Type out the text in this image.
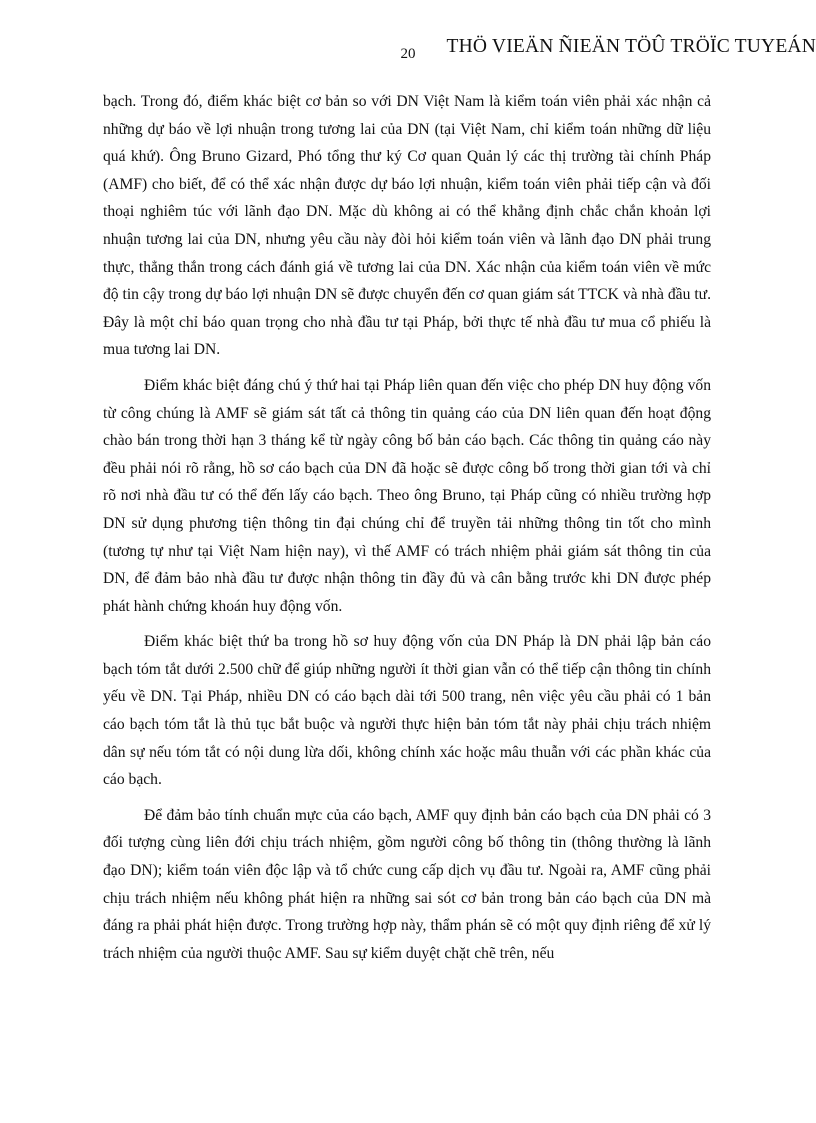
20	THÖ VIEÄN ÑIEÄN TÖÛ TRÖÏC TUYEÁN

bạch. Trong đó, điểm khác biệt cơ bản so với DN Việt Nam là kiểm toán viên phải xác nhận cả những dự báo về lợi nhuận trong tương lai của DN (tại Việt Nam, chỉ kiểm toán những dữ liệu quá khứ). Ông Bruno Gizard, Phó tổng thư ký Cơ quan Quản lý các thị trường tài chính Pháp (AMF) cho biết, để có thể xác nhận được dự báo lợi nhuận, kiểm toán viên phải tiếp cận và đối thoại nghiêm túc với lãnh đạo DN. Mặc dù không ai có thể khẳng định chắc chắn khoản lợi nhuận tương lai của DN, nhưng yêu cầu này đòi hỏi kiểm toán viên và lãnh đạo DN phải trung thực, thẳng thắn trong cách đánh giá về tương lai của DN. Xác nhận của kiểm toán viên về mức độ tin cậy trong dự báo lợi nhuận DN sẽ được chuyển đến cơ quan giám sát TTCK và nhà đầu tư. Đây là một chỉ báo quan trọng cho nhà đầu tư tại Pháp, bởi thực tế nhà đầu tư mua cổ phiếu là mua tương lai DN.

Điểm khác biệt đáng chú ý thứ hai tại Pháp liên quan đến việc cho phép DN huy động vốn từ công chúng là AMF sẽ giám sát tất cả thông tin quảng cáo của DN liên quan đến hoạt động chào bán trong thời hạn 3 tháng kể từ ngày công bố bản cáo bạch. Các thông tin quảng cáo này đều phải nói rõ rằng, hồ sơ cáo bạch của DN đã hoặc sẽ được công bố trong thời gian tới và chỉ rõ nơi nhà đầu tư có thể đến lấy cáo bạch. Theo ông Bruno, tại Pháp cũng có nhiều trường hợp DN sử dụng phương tiện thông tin đại chúng chỉ để truyền tải những thông tin tốt cho mình (tương tự như tại Việt Nam hiện nay), vì thế AMF có trách nhiệm phải giám sát thông tin của DN, để đảm bảo nhà đầu tư được nhận thông tin đầy đủ và cân bằng trước khi DN được phép phát hành chứng khoán huy động vốn.

Điểm khác biệt thứ ba trong hồ sơ huy động vốn của DN Pháp là DN phải lập bản cáo bạch tóm tắt dưới 2.500 chữ để giúp những người ít thời gian vẫn có thể tiếp cận thông tin chính yếu về DN. Tại Pháp, nhiều DN có cáo bạch dài tới 500 trang, nên việc yêu cầu phải có 1 bản cáo bạch tóm tắt là thủ tục bắt buộc và người thực hiện bản tóm tắt này phải chịu trách nhiệm dân sự nếu tóm tắt có nội dung lừa dối, không chính xác hoặc mâu thuẫn với các phần khác của cáo bạch.

Để đảm bảo tính chuẩn mực của cáo bạch, AMF quy định bản cáo bạch của DN phải có 3 đối tượng cùng liên đới chịu trách nhiệm, gồm người công bố thông tin (thông thường là lãnh đạo DN); kiểm toán viên độc lập và tổ chức cung cấp dịch vụ đầu tư. Ngoài ra, AMF cũng phải chịu trách nhiệm nếu không phát hiện ra những sai sót cơ bản trong bản cáo bạch của DN mà đáng ra phải phát hiện được. Trong trường hợp này, thẩm phán sẽ có một quy định riêng để xử lý trách nhiệm của người thuộc AMF. Sau sự kiểm duyệt chặt chẽ trên, nếu
